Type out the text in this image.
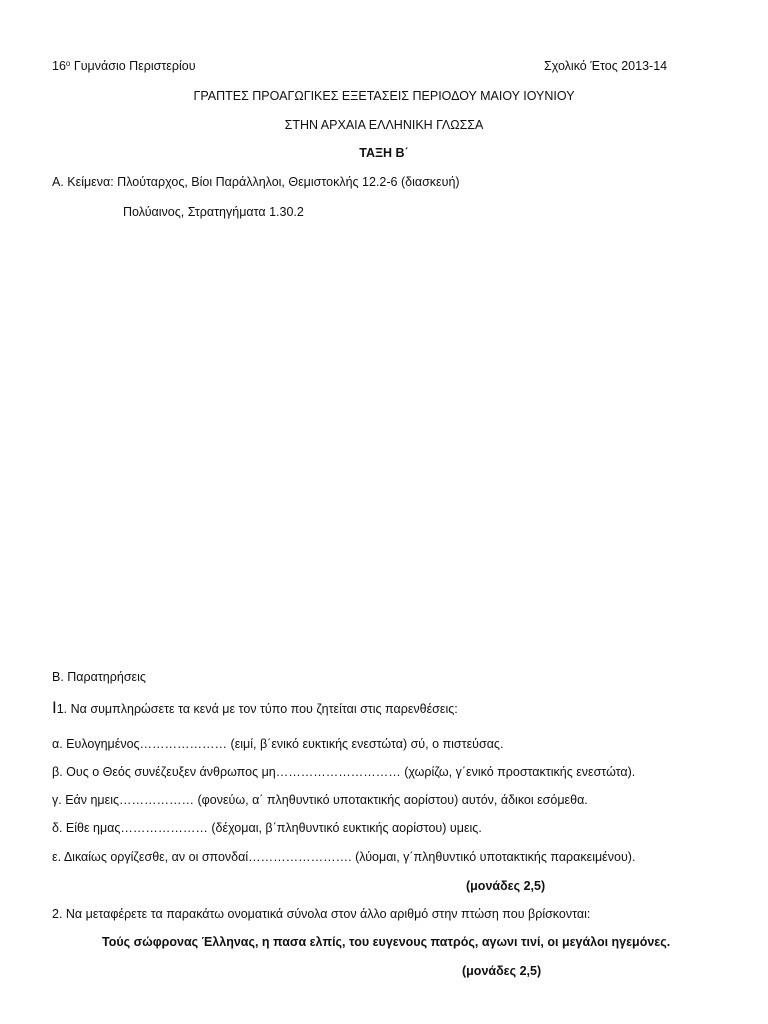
$16^o$ Γυμνάσιο Περιστερίου	Σχολικό Έτος 2013-14
ΓΡΑΠΤΕΣ ΠΡΟΑΓΩΓΙΚΕΣ ΕΞΕΤΑΣΕΙΣ ΠΕΡΙΟΔΟΥ ΜΑΙΟΥ ΙΟΥΝΙΟΥ
ΣΤΗΝ ΑΡΧΑΙΑ ΕΛΛΗΝΙΚΗ ΓΛΩΣΣΑ
ΤΑΞΗ Β΄
Α. Κείμενα: Πλούταρχος, Βίοι Παράλληλοι, Θεμιστοκλής 12.2-6 (διασκευή)
Πολύαινος, Στρατηγήματα 1.30.2
Β. Παρατηρήσεις
Ι1. Να συμπληρώσετε τα κενά με τον τύπο που ζητείται στις παρενθέσεις:
α. Ευλογημένος………………… (ειμί, β΄ενικό ευκτικής ενεστώτα) σύ, ο πιστεύσας.
β. Ους ο Θεός συνέζευξεν άνθρωπος μη………………………… (χωρίζω, γ΄ενικό προστακτικής ενεστώτα).
γ. Εάν ημεις……………… (φονεύω, α΄ πληθυντικό υποτακτικής αορίστου) αυτόν, άδικοι εσόμεθα.
δ. Είθε ημας………………… (δέχομαι, β΄πληθυντικό ευκτικής αορίστου) υμεις.
ε. Δικαίως οργίζεσθε, αν οι σπονδαί……………………. (λύομαι, γ΄πληθυντικό υποτακτικής παρακειμένου).
(μονάδες 2,5)
2. Να μεταφέρετε τα παρακάτω ονοματικά σύνολα στον άλλο αριθμό στην πτώση που βρίσκονται:
Τούς σώφρονας Έλληνας, η πασα ελπίς, του ευγενους πατρός, αγωνι τινί, οι μεγάλοι ηγεμόνες.
(μονάδες 2,5)
